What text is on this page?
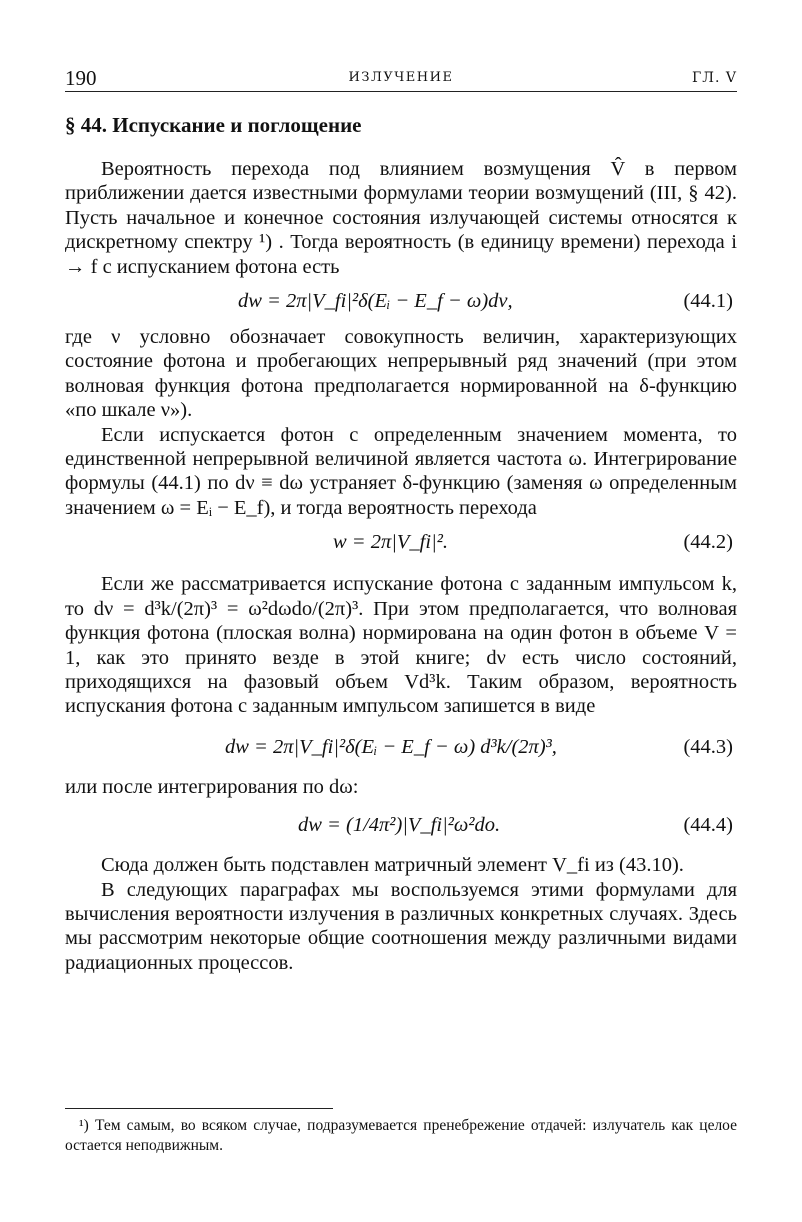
190	ИЗЛУЧЕНИЕ	ГЛ. V
§ 44. Испускание и поглощение

Вероятность перехода под влиянием возмущения V̂ в первом приближении дается известными формулами теории возмущений (III, § 42). Пусть начальное и конечное состояния излучающей системы относятся к дискретному спектру ¹) . Тогда вероятность (в единицу времени) перехода i → f с испусканием фотона есть

dw = 2π|V_fi|²δ(Eᵢ − E_f − ω)dν,	(44.1)

где ν условно обозначает совокупность величин, характеризующих состояние фотона и пробегающих непрерывный ряд значений (при этом волновая функция фотона предполагается нормированной на δ-функцию «по шкале ν»).

Если испускается фотон с определенным значением момента, то единственной непрерывной величиной является частота ω. Интегрирование формулы (44.1) по dν ≡ dω устраняет δ-функцию (заменяя ω определенным значением ω = Eᵢ − E_f), и тогда вероятность перехода

w = 2π|V_fi|².	(44.2)

Если же рассматривается испускание фотона с заданным импульсом k, то dν = d³k/(2π)³ = ω²dωdo/(2π)³. При этом предполагается, что волновая функция фотона (плоская волна) нормирована на один фотон в объеме V = 1, как это принято везде в этой книге; dν есть число состояний, приходящихся на фазовый объем Vd³k. Таким образом, вероятность испускания фотона с заданным импульсом запишется в виде

dw = 2π|V_fi|²δ(Eᵢ − E_f − ω) d³k/(2π)³,	(44.3)

или после интегрирования по dω:

dw = (1/4π²)|V_fi|²ω²do.	(44.4)

Сюда должен быть подставлен матричный элемент V_fi из (43.10).

В следующих параграфах мы воспользуемся этими формулами для вычисления вероятности излучения в различных конкретных случаях. Здесь мы рассмотрим некоторые общие соотношения между различными видами радиационных процессов.

¹) Тем самым, во всяком случае, подразумевается пренебрежение отдачей: излучатель как целое остается неподвижным.
